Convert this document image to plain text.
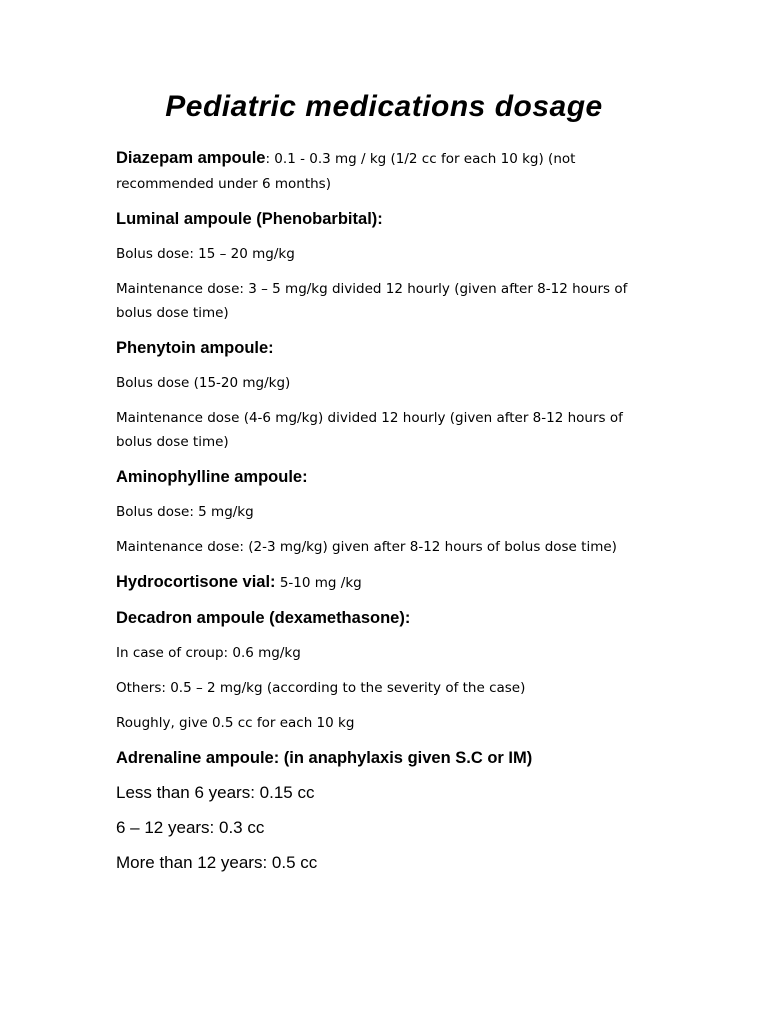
Pediatric medications dosage

Diazepam ampoule: 0.1 - 0.3 mg / kg (1/2 cc for each 10 kg) (not recommended under 6 months)

Luminal ampoule (Phenobarbital):

Bolus dose: 15 – 20 mg/kg

Maintenance dose: 3 – 5 mg/kg divided 12 hourly (given after 8-12 hours of bolus dose time)

Phenytoin ampoule:

Bolus dose (15-20 mg/kg)

Maintenance dose (4-6 mg/kg) divided 12 hourly (given after 8-12 hours of bolus dose time)

Aminophylline ampoule:

Bolus dose: 5 mg/kg

Maintenance dose: (2-3 mg/kg) given after 8-12 hours of bolus dose time)

Hydrocortisone vial: 5-10 mg /kg

Decadron ampoule (dexamethasone):

In case of croup: 0.6 mg/kg

Others: 0.5 – 2 mg/kg (according to the severity of the case)

Roughly, give 0.5 cc for each 10 kg

Adrenaline ampoule: (in anaphylaxis given S.C or IM)

Less than 6 years: 0.15 cc

6 – 12 years: 0.3 cc

More than 12 years: 0.5 cc
